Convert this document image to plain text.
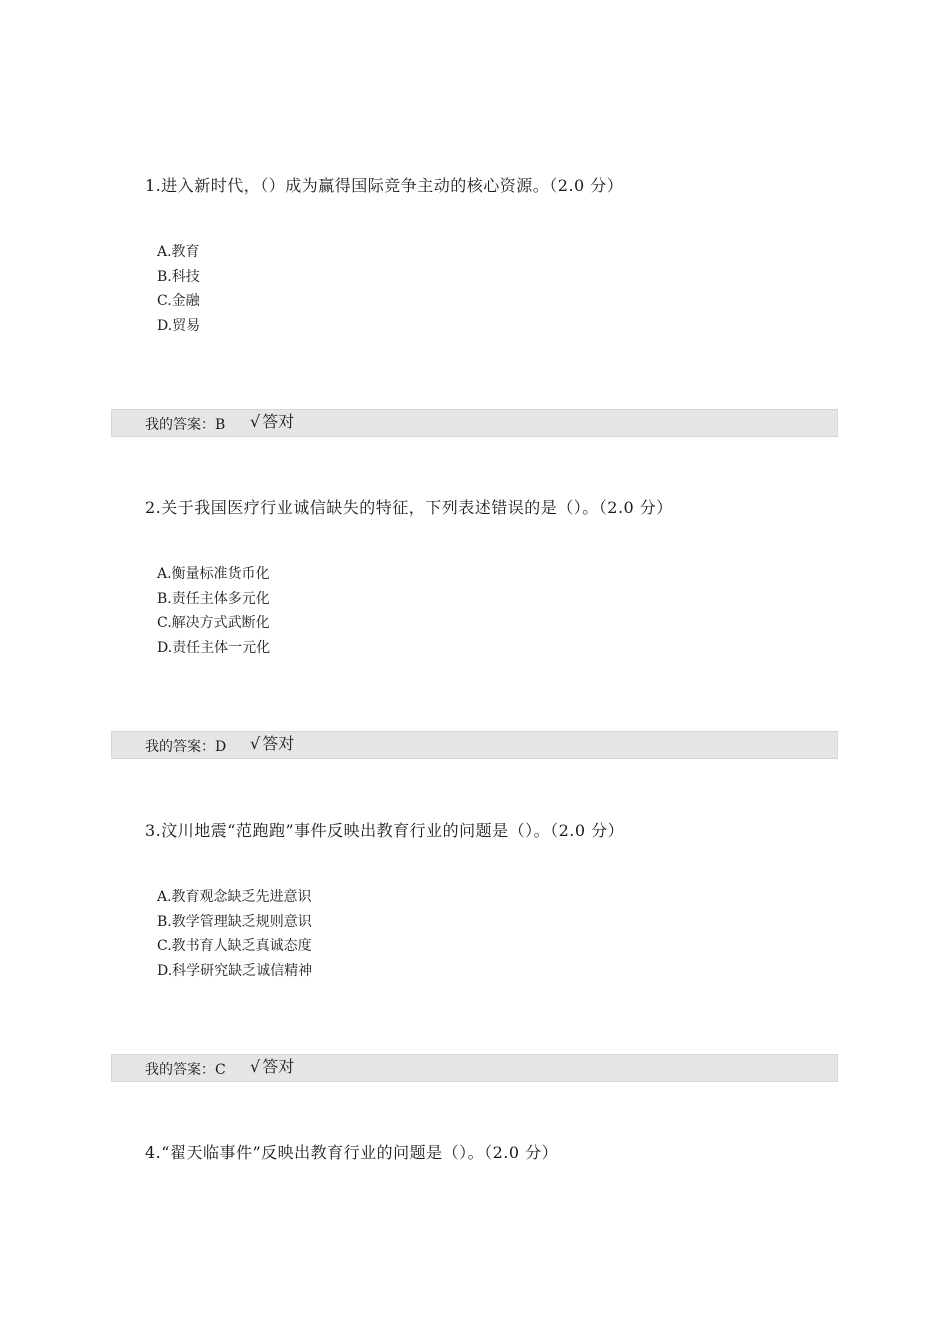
1.进入新时代，（）成为赢得国际竞争主动的核心资源。（2.0 分）
A.教育
B.科技
C.金融
D.贸易
我的答案：B √ 答对
2.关于我国医疗行业诚信缺失的特征，下列表述错误的是（）。（2.0 分）
A.衡量标准货币化
B.责任主体多元化
C.解决方式武断化
D.责任主体一元化
我的答案：D √ 答对
3.汶川地震“范跑跑”事件反映出教育行业的问题是（）。（2.0 分）
A.教育观念缺乏先进意识
B.教学管理缺乏规则意识
C.教书育人缺乏真诚态度
D.科学研究缺乏诚信精神
我的答案：C √ 答对
4.“翟天临事件”反映出教育行业的问题是（）。（2.0 分）
